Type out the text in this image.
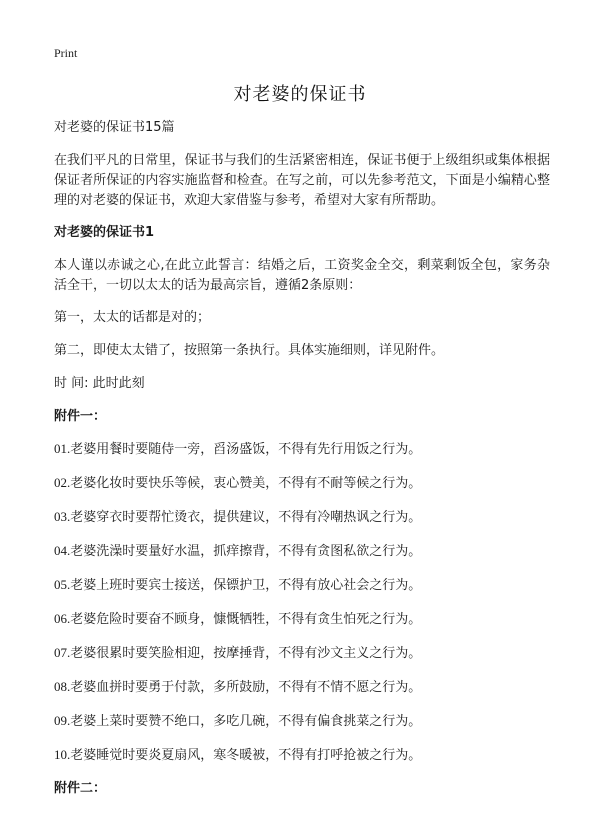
Print
对老婆的保证书

对老婆的保证书15篇

在我们平凡的日常里，保证书与我们的生活紧密相连，保证书便于上级组织或集体根据保证者所保证的内容实施监督和检查。在写之前，可以先参考范文，下面是小编精心整理的对老婆的保证书，欢迎大家借鉴与参考，希望对大家有所帮助。

对老婆的保证书1

本人谨以赤诚之心,在此立此誓言：结婚之后，工资奖金全交，剩菜剩饭全包，家务杂活全干，一切以太太的话为最高宗旨，遵循2条原则：

第一，太太的话都是对的；

第二，即使太太错了，按照第一条执行。具体实施细则，详见附件。

时 间: 此时此刻

附件一：

01.老婆用餐时要随侍一旁，舀汤盛饭，不得有先行用饭之行为。

02.老婆化妆时要快乐等候，衷心赞美，不得有不耐等候之行为。

03.老婆穿衣时要帮忙烫衣，提供建议，不得有冷嘲热讽之行为。

04.老婆洗澡时要量好水温，抓痒擦背，不得有贪图私欲之行为。

05.老婆上班时要宾士接送，保镖护卫，不得有放心社会之行为。

06.老婆危险时要奋不顾身，慷慨牺牲，不得有贪生怕死之行为。

07.老婆很累时要笑脸相迎，按摩捶背，不得有沙文主义之行为。

08.老婆血拼时要勇于付款，多所鼓励，不得有不情不愿之行为。

09.老婆上菜时要赞不绝口，多吃几碗，不得有偏食挑菜之行为。

10.老婆睡觉时要炎夏扇风，寒冬暖被，不得有打呼抢被之行为。

附件二：
